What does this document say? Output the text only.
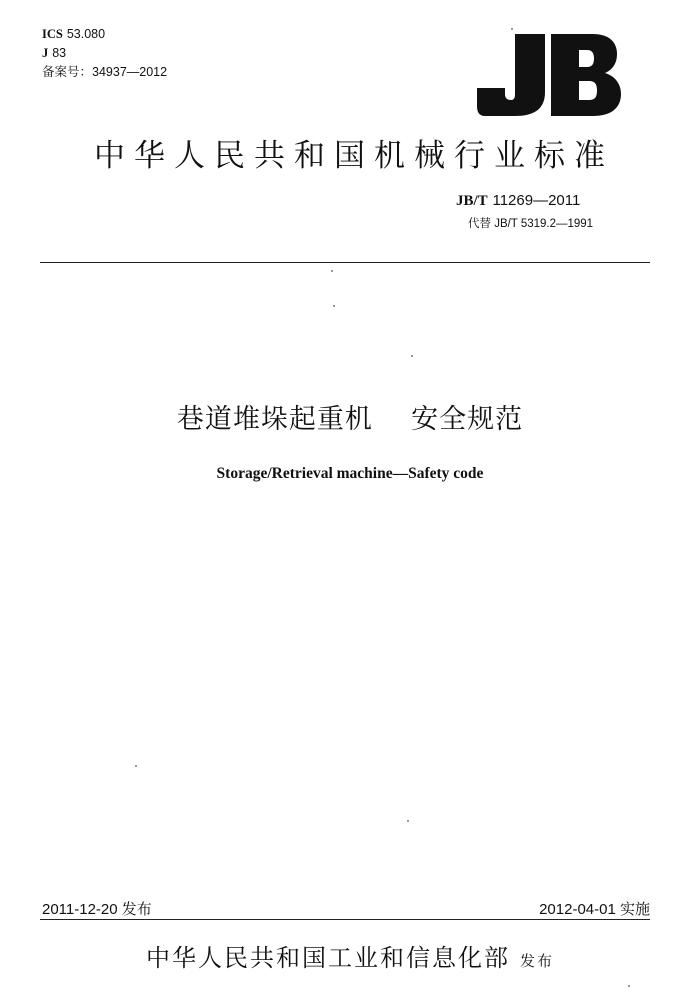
ICS 53.080
J 83
备案号：34937—2012
中华人民共和国机械行业标准
JB/T 11269—2011
代替 JB/T 5319.2—1991
巷道堆垛起重机    安全规范
Storage/Retrieval machine—Safety code
2011-12-20 发布	2012-04-01 实施
中华人民共和国工业和信息化部 发布
